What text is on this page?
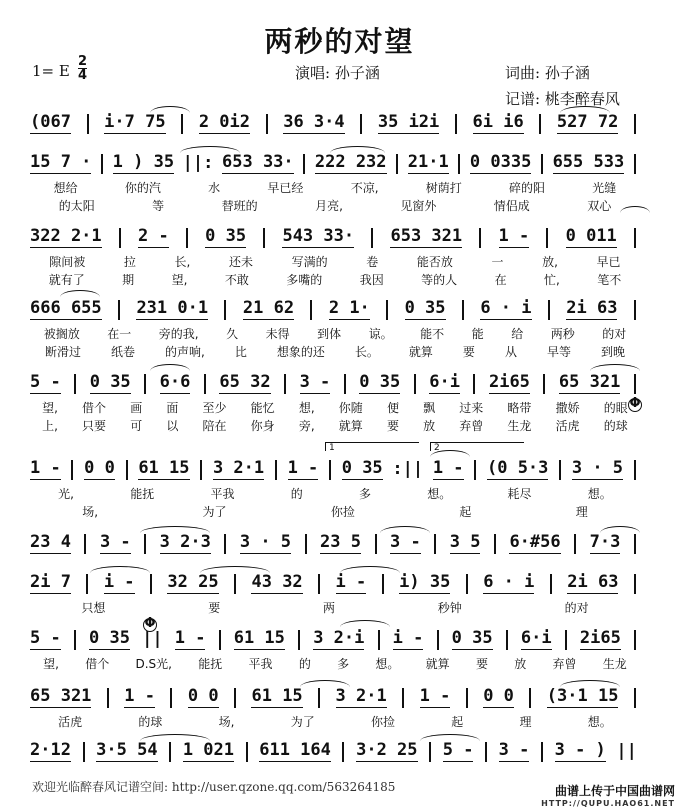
两秒的对望
1= E
2
4	演唱: 孙子涵	词曲: 孙子涵
记谱: 桃李醉春风
(067 i·7 75 2 0i2 36 3·4 35 i2i 6i i6 527 72
15 7 · 1 ) 35 ||: 653 33· 222 232 21·1 0 0335 655 533
想给	你的汽	水	早已经	不凉,	树荫打	碎的阳	光缝
的太阳	等	替班的	月亮,	见窗外	情侣成	双心
322 2·1 2 - 0 35 543 33· 653 321 1 - 0 011
隙间被	拉	长,	还未	写满的	卷	能否放	一	放,	早已
就有了	期	望,	不敢	多嘴的	我因	等的人	在	忙,	笔不
666 655 231 0·1 21 62 2 1· 0 35 6 · i 2i 63
被搁放 在一 旁的我, 久 未得 到体 谅。 能不 能 给 两秒 的对
断滑过	纸卷	的声响,	比	想象的还	长。	就算	要	从	早等	到晚
5 - 0 35 6·6 65 32 3 - 0 35 6·i 2i65 65 321
望, 借个 画 面 至少 能忆 想, 你随 便 飘 过来 略带 撒娇 的眼
上, 只要 可 以 陪在 你身 旁, 就算 要 放 弃曾 生龙 活虎 的球
1 - 0 0 61 15 3 2·1 1 - 0 35 :|| 1 - (0 5·3 3 · 5
光,	能抚	平我	的	多	想。	耗尽	想。
场,	为了	你捡	起	理
23 4 3 - 3 2·3 3 · 5 23 5 3 - 3 5 6·#56 7·3
2i 7 i - 32 25 43 32 i - i) 35 6 · i 2i 63
只想	要	两	秒钟	的对
5 - 0 35 || 1 - 61 15 3 2·i i - 0 35 6·i 2i65
望, 借个 D.S光, 能抚 平我 的 多 想。 就算 要 放 弃曾 生龙
65 321 1 - 0 0 61 15 3 2·1 1 - 0 0 (3·1 15
活虎	的球	场,	为了	你捡	起	理	想。
2·12 3·5 54 1 021 611 164 3·2 25 5 - 3 - 3 - ) ||
Φ
Φ
1	2
欢迎光临醉春风记谱空间: http://user.qzone.qq.com/563264185	曲谱上传于中国曲谱网
HTTP://QUPU.HAO61.NET
